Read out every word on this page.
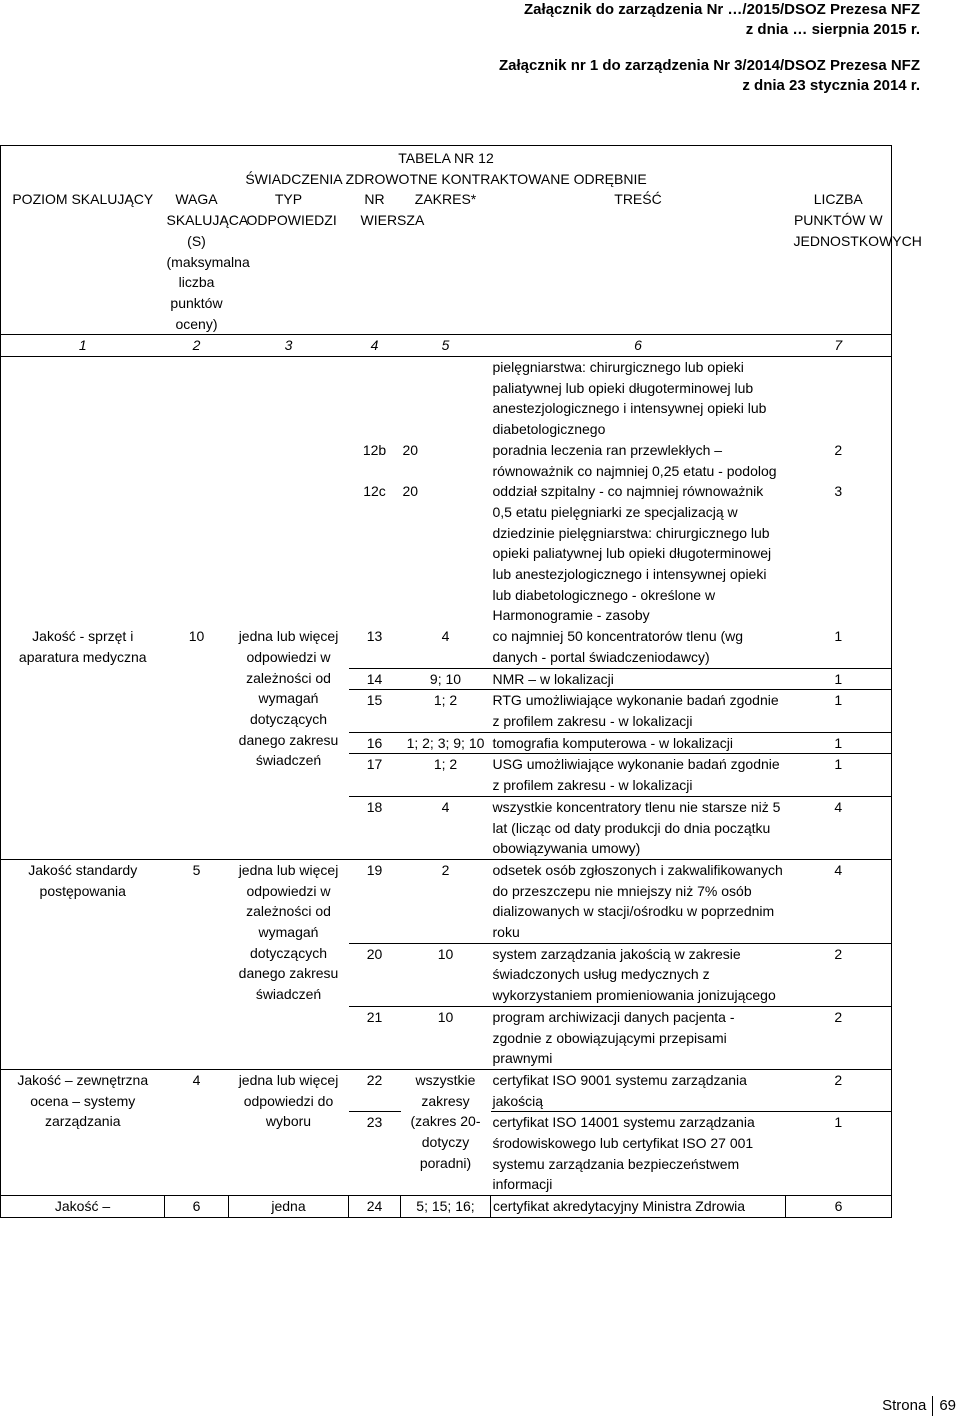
Załącznik do zarządzenia Nr …/2015/DSOZ Prezesa NFZ
z dnia … sierpnia 2015 r.
Załącznik nr 1 do zarządzenia Nr 3/2014/DSOZ Prezesa NFZ
z dnia 23 stycznia 2014 r.
TABELA NR 12
ŚWIADCZENIA ZDROWOTNE KONTRAKTOWANE ODRĘBNIE						

POZIOM SKALUJĄCY	WAGA SKALUJĄCA (S) (maksymalna liczba punktów oceny)	TYP ODPOWIEDZI	NR WIERSZA	ZAKRES*	TREŚĆ	LICZBA PUNKTÓW W JEDNOSTKOWYCH
1	2	3	4	5	6	7
					pielęgniarstwa: chirurgicznego lub opieki paliatywnej lub opieki długoterminowej lub anestezjologicznego i intensywnej opieki lub diabetologicznego	
			12b	20	poradnia leczenia ran przewlekłych – równoważnik co najmniej 0,25 etatu - podolog	2
			12c	20	oddział szpitalny - co najmniej równoważnik 0,5 etatu pielęgniarki ze specjalizacją w dziedzinie pielęgniarstwa: chirurgicznego lub opieki paliatywnej lub opieki długoterminowej lub anestezjologicznego i intensywnej opieki lub diabetologicznego - określone w Harmonogramie - zasoby	3
Jakość - sprzęt i aparatura medyczna	10	jedna lub więcej odpowiedzi w zależności od wymagań dotyczących danego zakresu świadczeń	13	4	co najmniej 50 koncentratorów tlenu (wg danych - portal świadczeniodawcy)	1
			14	9; 10	NMR – w lokalizacji	1
			15	1; 2	RTG umożliwiające wykonanie badań zgodnie z profilem zakresu - w lokalizacji	1
			16	1; 2; 3; 9; 10	tomografia komputerowa - w lokalizacji	1
			17	1; 2	USG umożliwiające wykonanie badań zgodnie z profilem zakresu - w lokalizacji	1
			18	4	wszystkie koncentratory tlenu nie starsze niż 5 lat (licząc od daty produkcji do dnia początku obowiązywania umowy)	4
Jakość standardy postępowania	5	jedna lub więcej odpowiedzi w zależności od wymagań dotyczących danego zakresu świadczeń	19	2	odsetek osób zgłoszonych i zakwalifikowanych do przeszczepu nie mniejszy niż 7% osób dializowanych w stacji/ośrodku w poprzednim roku	4
			20	10	system zarządzania jakością w zakresie świadczonych usług medycznych z wykorzystaniem promieniowania jonizującego	2
			21	10	program archiwizacji danych pacjenta - zgodnie z obowiązującymi przepisami prawnymi	2
Jakość – zewnętrzna ocena – systemy zarządzania	4	jedna lub więcej odpowiedzi do wyboru	22	wszystkie zakresy (zakres 20-dotyczy poradni)	certyfikat ISO 9001 systemu zarządzania jakością	2
			23		certyfikat ISO 14001 systemu zarządzania środowiskowego lub certyfikat ISO 27 001 systemu zarządzania bezpieczeństwem informacji	1
Jakość –	6	jedna	24	5; 15; 16;	certyfikat akredytacyjny Ministra Zdrowia	6
Strona 69
